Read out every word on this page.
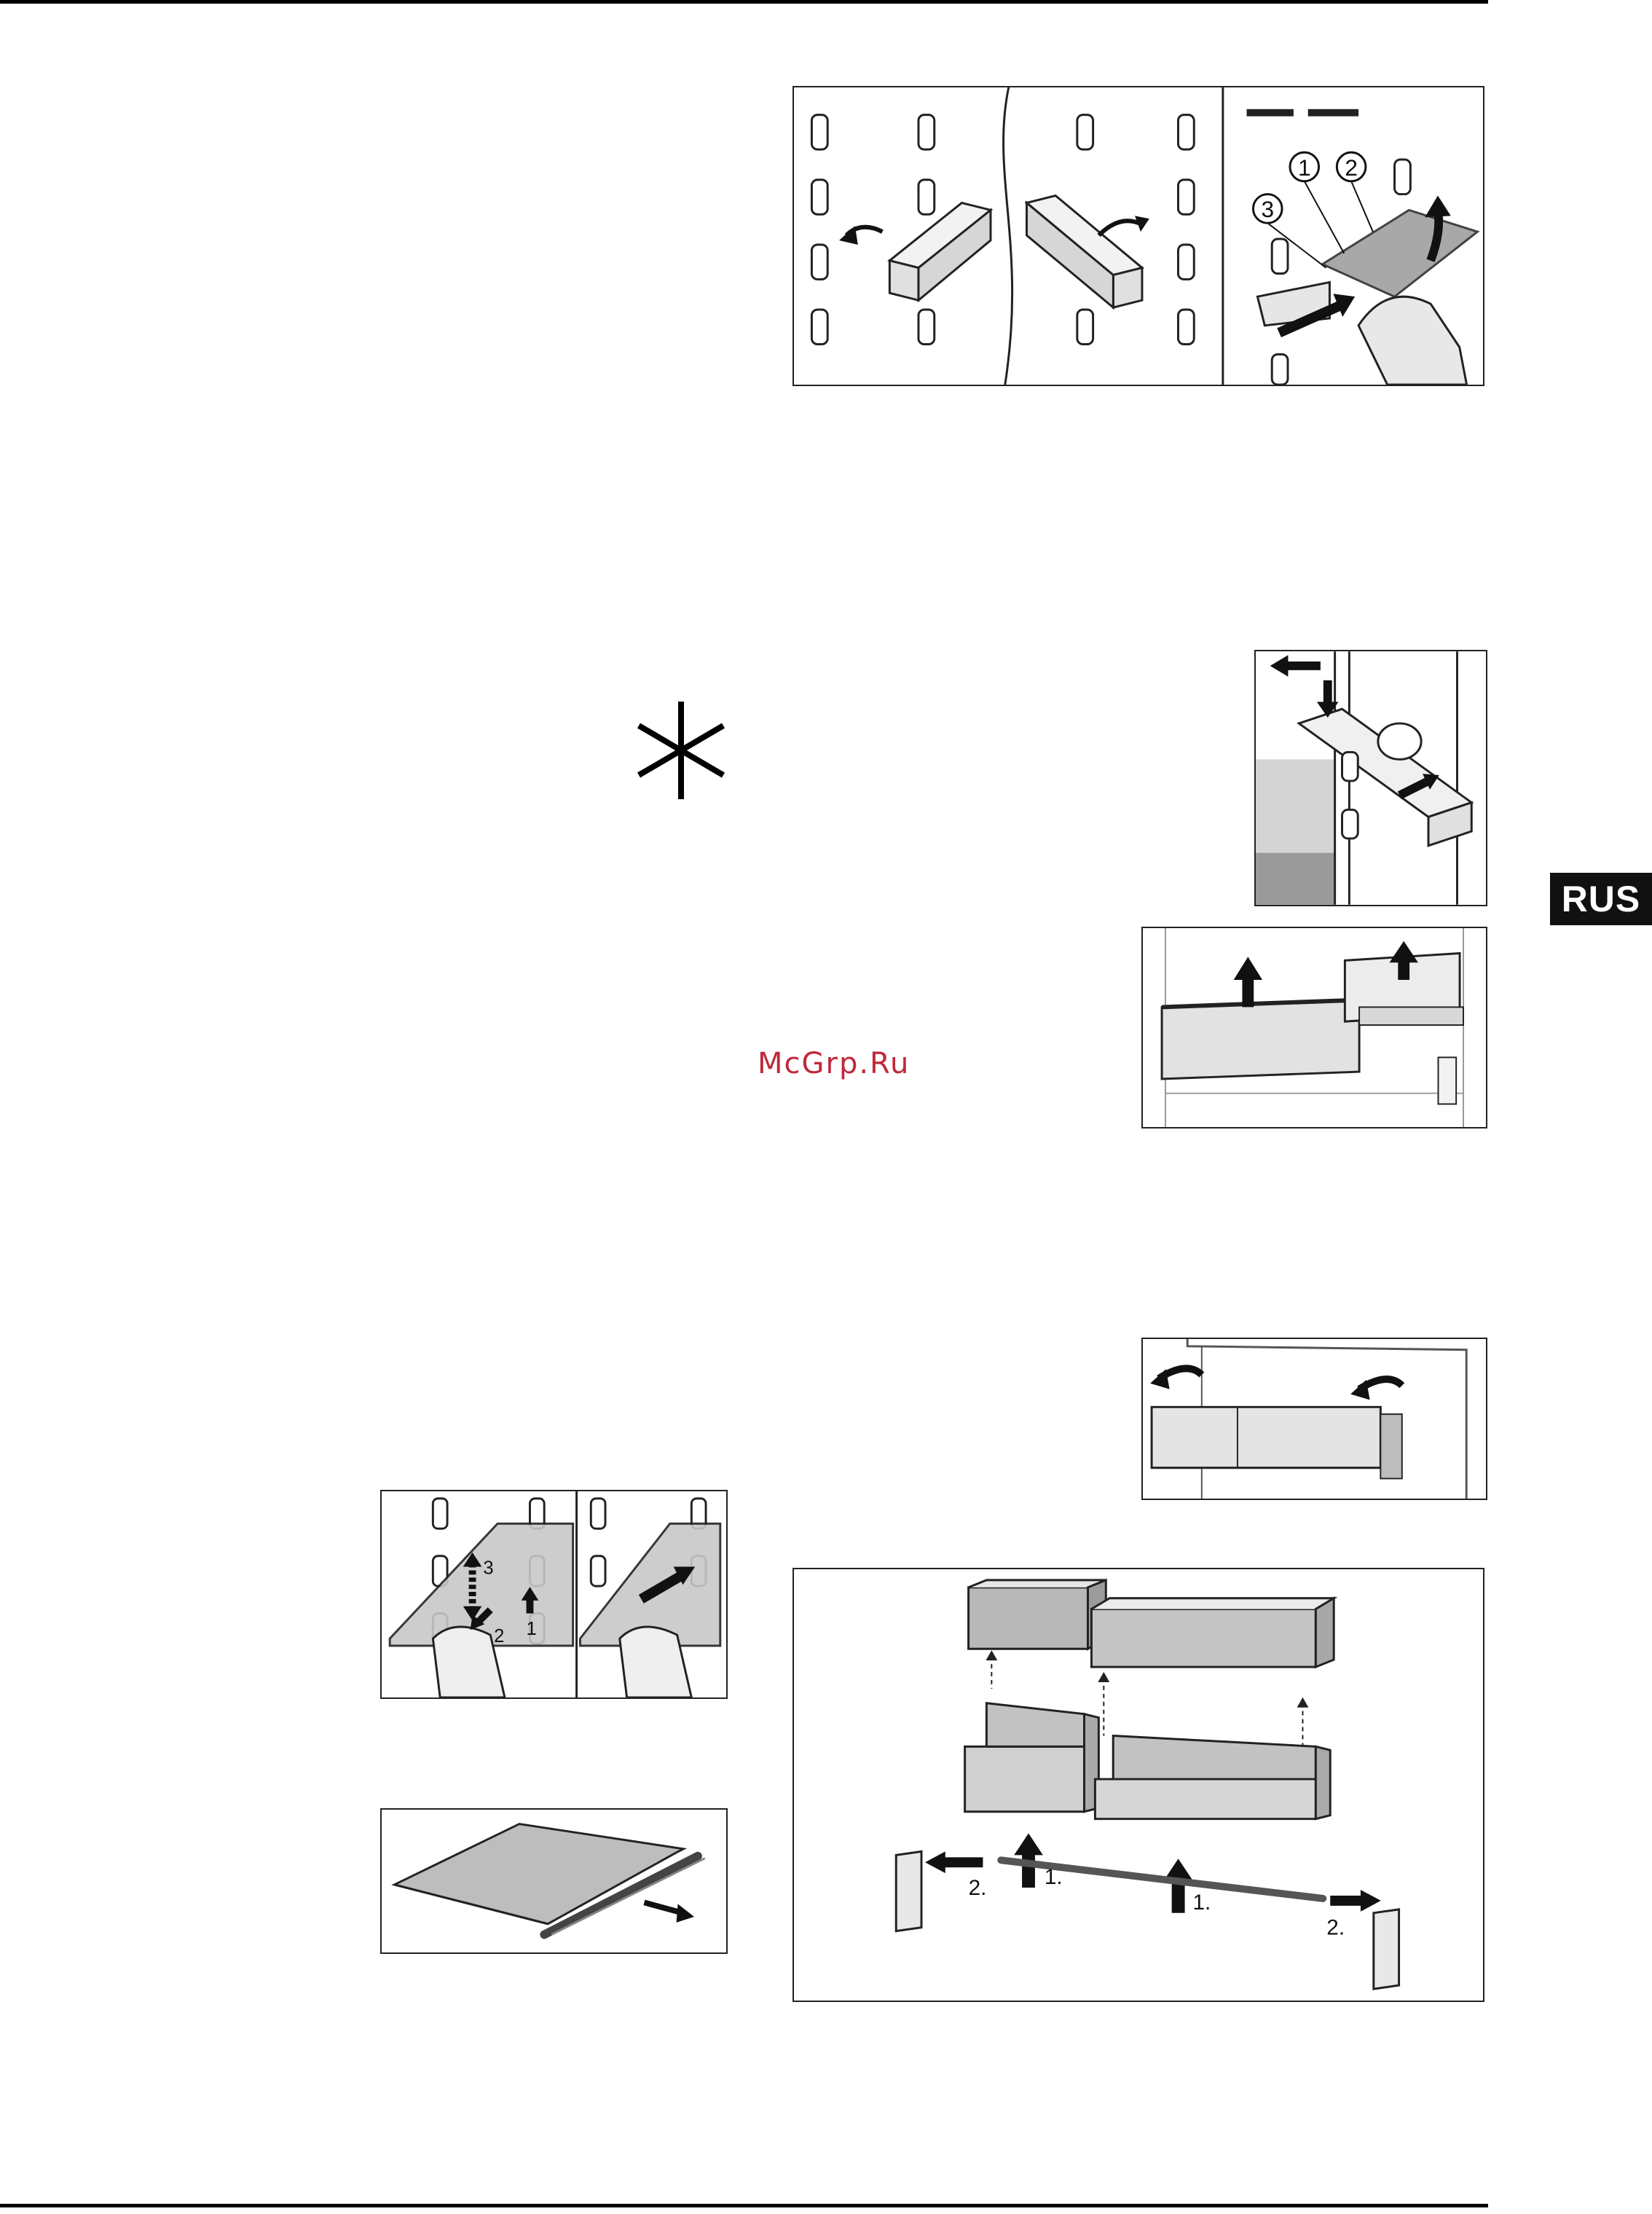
1 2
3
3
2 1
1.
1.
2.
2.
McGrp.Ru
RUS
